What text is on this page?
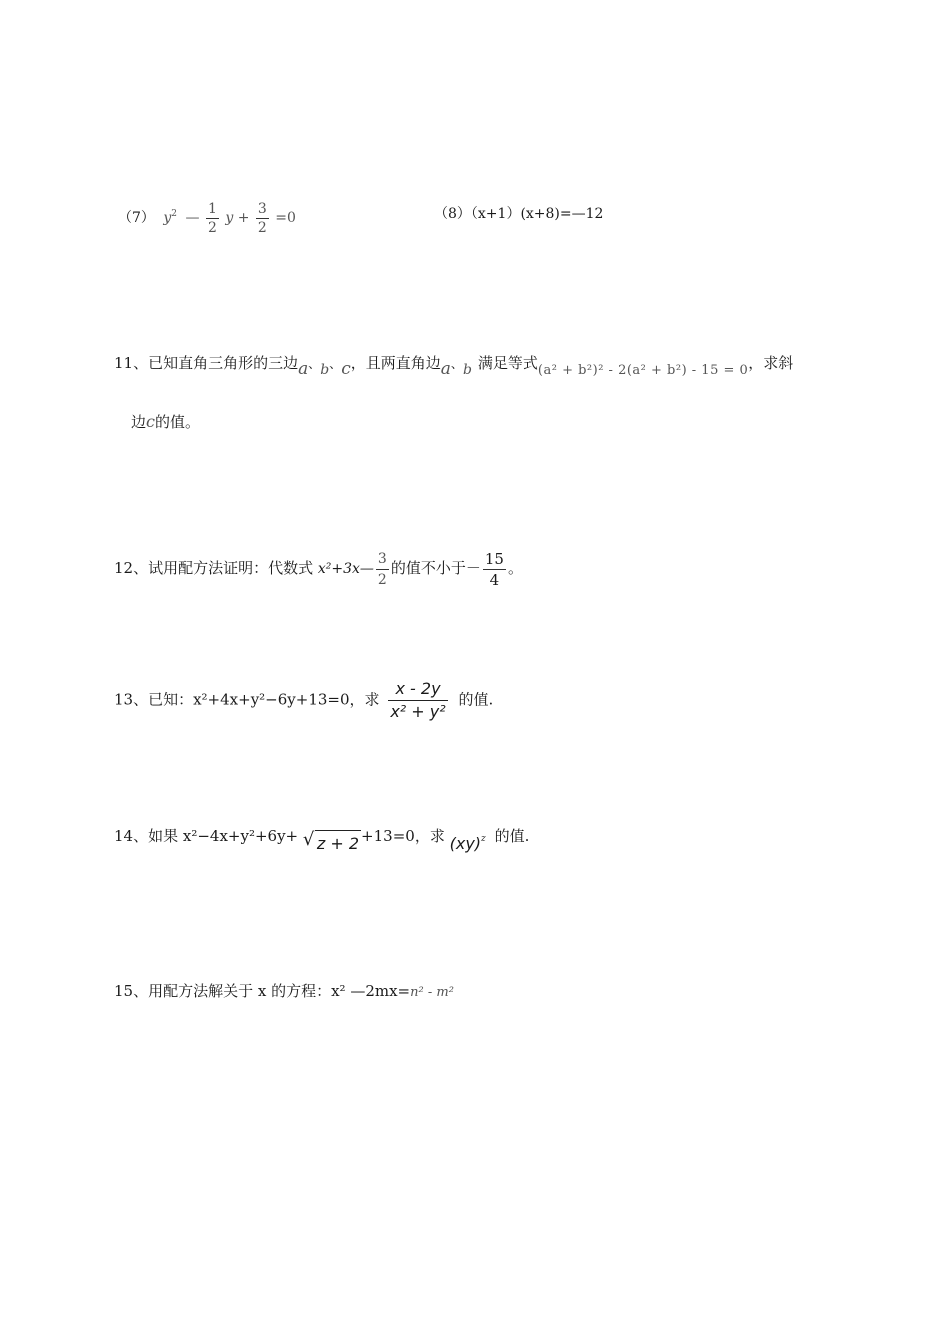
（7） $y^2$ — $\frac{1}{2}$ $y + \frac{3}{2} =0$	（8）（x+1）(x+8)=—12
11、已知直角三角形的三边a、b、c，且两直角边a、b 满足等式(a² + b²)² - 2(a² + b²) - 15 = 0，求斜
边c的值。
12、试用配方法证明：代数式 x²+3x— $\frac{3}{2}$ 的值不小于－ $\frac{15}{4}$ 。
13、已知：x²+4x+y²−6y+13=0，求 $\frac{x - 2y}{\text{x² + y²}}$ 的值.
14、如果 x²−4x+y²+6y+ √ z + 2 +13=0，求 (xy)z 的值.
15、用配方法解关于 x 的方程：x² —2mx=n² - m²
